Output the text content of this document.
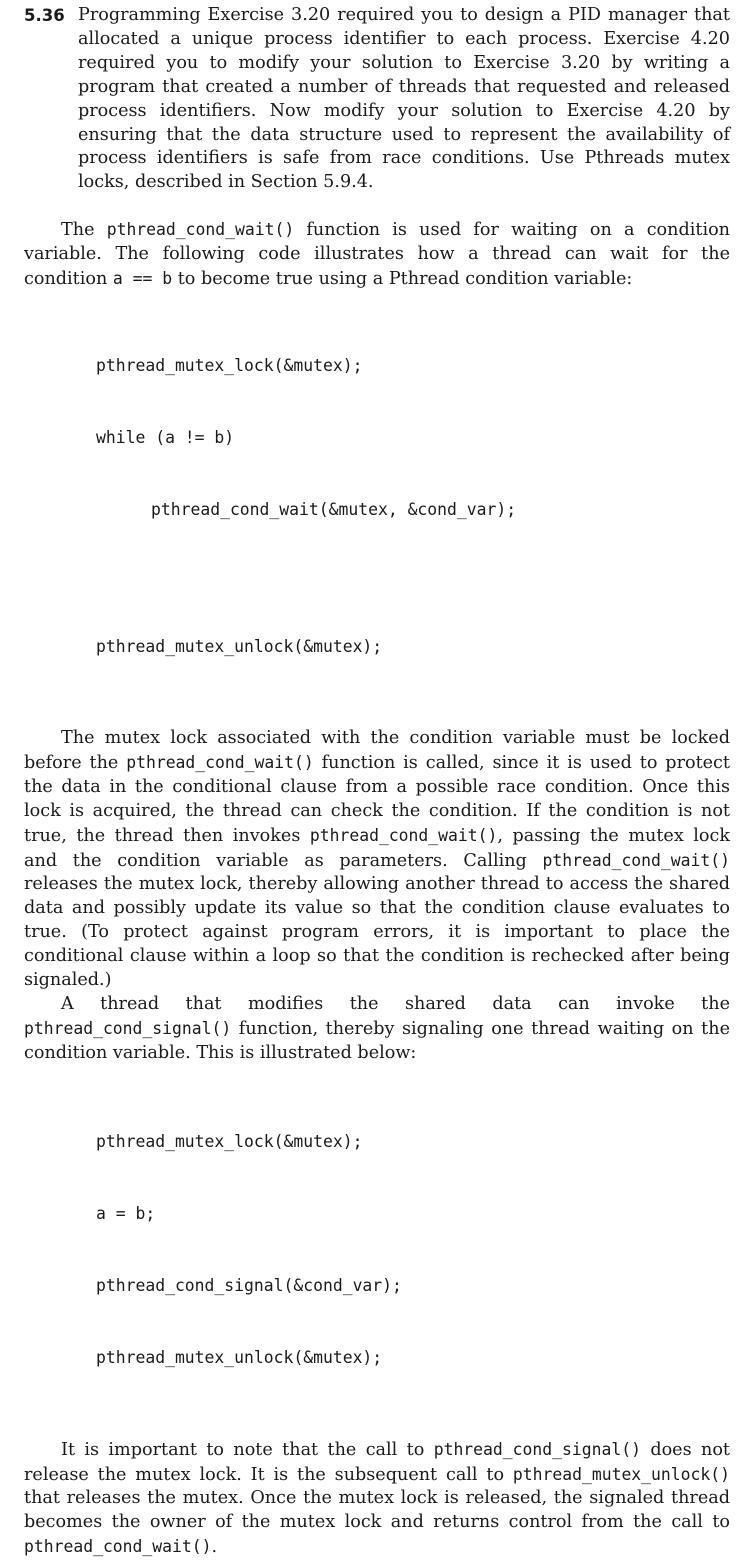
5.36 Programming Exercise 3.20 required you to design a PID manager that allocated a unique process identifier to each process. Exercise 4.20 required you to modify your solution to Exercise 3.20 by writing a program that created a number of threads that requested and released process identifiers. Now modify your solution to Exercise 4.20 by ensuring that the data structure used to represent the availability of process identifiers is safe from race conditions. Use Pthreads mutex locks, described in Section 5.9.4.

The pthread_cond_wait() function is used for waiting on a condition variable. The following code illustrates how a thread can wait for the condition a == b to become true using a Pthread condition variable:

pthread_mutex_lock(&mutex);

while (a != b)

pthread_cond_wait(&mutex, &cond_var);

pthread_mutex_unlock(&mutex);

The mutex lock associated with the condition variable must be locked before the pthread_cond_wait() function is called, since it is used to protect the data in the conditional clause from a possible race condition. Once this lock is acquired, the thread can check the condition. If the condition is not true, the thread then invokes pthread_cond_wait(), passing the mutex lock and the condition variable as parameters. Calling pthread_cond_wait() releases the mutex lock, thereby allowing another thread to access the shared data and possibly update its value so that the condition clause evaluates to true. (To protect against program errors, it is important to place the conditional clause within a loop so that the condition is rechecked after being signaled.)

A thread that modifies the shared data can invoke the pthread_cond_signal() function, thereby signaling one thread waiting on the condition variable. This is illustrated below:

pthread_mutex_lock(&mutex);

a = b;

pthread_cond_signal(&cond_var);

pthread_mutex_unlock(&mutex);

It is important to note that the call to pthread_cond_signal() does not release the mutex lock. It is the subsequent call to pthread_mutex_unlock() that releases the mutex. Once the mutex lock is released, the signaled thread becomes the owner of the mutex lock and returns control from the call to pthread_cond_wait().
